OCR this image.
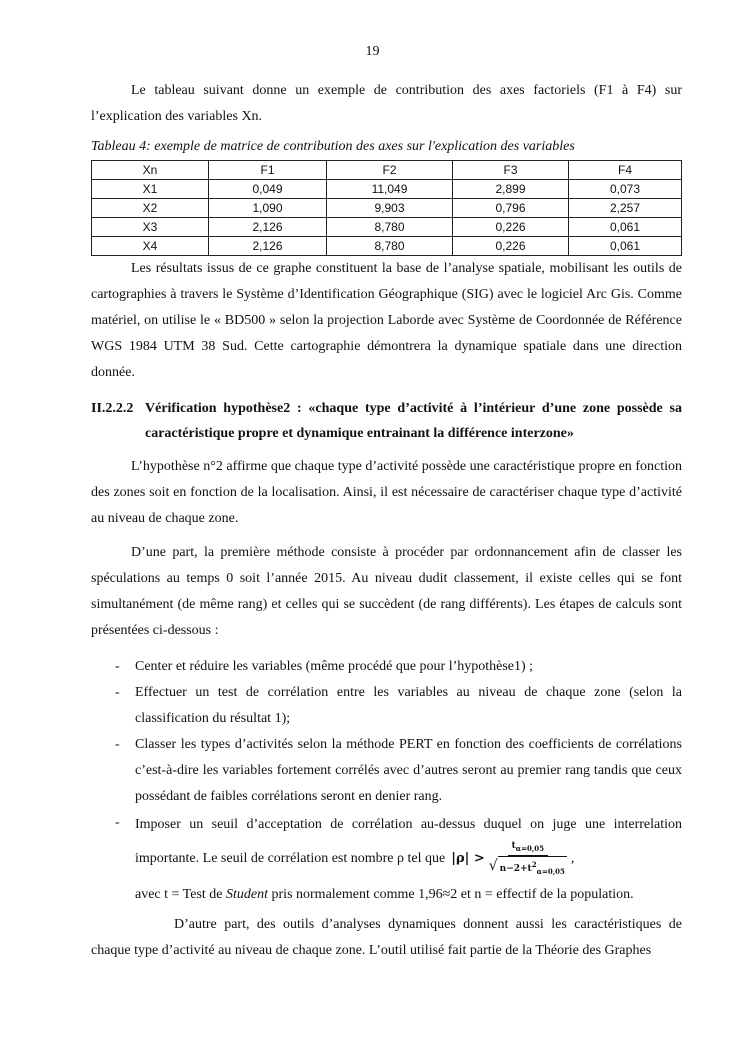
19

Le tableau suivant donne un exemple de contribution des axes factoriels (F1 à F4) sur l’explication des variables Xn.

Tableau 4: exemple de matrice de contribution des axes sur l'explication des variables
Xn	F1	F2	F3	F4
X1	0,049	11,049	2,899	0,073
X2	1,090	9,903	0,796	2,257
X3	2,126	8,780	0,226	0,061
X4	2,126	8,780	0,226	0,061

Les résultats issus de ce graphe constituent la base de l’analyse spatiale, mobilisant les outils de cartographies à travers le Système d’Identification Géographique (SIG) avec le logiciel Arc Gis. Comme matériel, on utilise le « BD500 » selon la projection Laborde avec Système de Coordonnée de Référence WGS 1984 UTM 38 Sud. Cette cartographie démontrera la dynamique spatiale dans une direction donnée.

II.2.2.2 Vérification hypothèse2 : «chaque type d’activité à l’intérieur d’une zone possède sa caractéristique propre et dynamique entrainant la différence interzone»

L’hypothèse n°2 affirme que chaque type d’activité possède une caractéristique propre en fonction des zones soit en fonction de la localisation. Ainsi, il est nécessaire de caractériser chaque type d’activité au niveau de chaque zone.

D’une part, la première méthode consiste à procéder par ordonnancement afin de classer les spéculations au temps 0 soit l’année 2015. Au niveau dudit classement, il existe celles qui se font simultanément (de même rang) et celles qui se succèdent (de rang différents). Les étapes de calculs sont présentées ci-dessous :

-	Center et réduire les variables (même procédé que pour l’hypothèse1) ;
-	Effectuer un test de corrélation entre les variables au niveau de chaque zone (selon la classification du résultat 1);
-	Classer les types d’activités selon la méthode PERT en fonction des coefficients de corrélations c’est-à-dire les variables fortement corrélés avec d’autres seront au premier rang tandis que ceux possédant de faibles corrélations seront en denier rang.
-	Imposer un seuil d’acceptation de corrélation au-dessus duquel on juge une interrelation importante. Le seuil de corrélation est nombre ρ tel que $|\rho| > \frac{t_{\alpha=0,05}}{√ n-2+t^2_{\alpha=0,05}}$ ,
avec t = Test de Student pris normalement comme 1,96≈2 et n = effectif de la population.

D’autre part, des outils d’analyses dynamiques donnent aussi les caractéristiques de chaque type d’activité au niveau de chaque zone. L’outil utilisé fait partie de la Théorie des Graphes
